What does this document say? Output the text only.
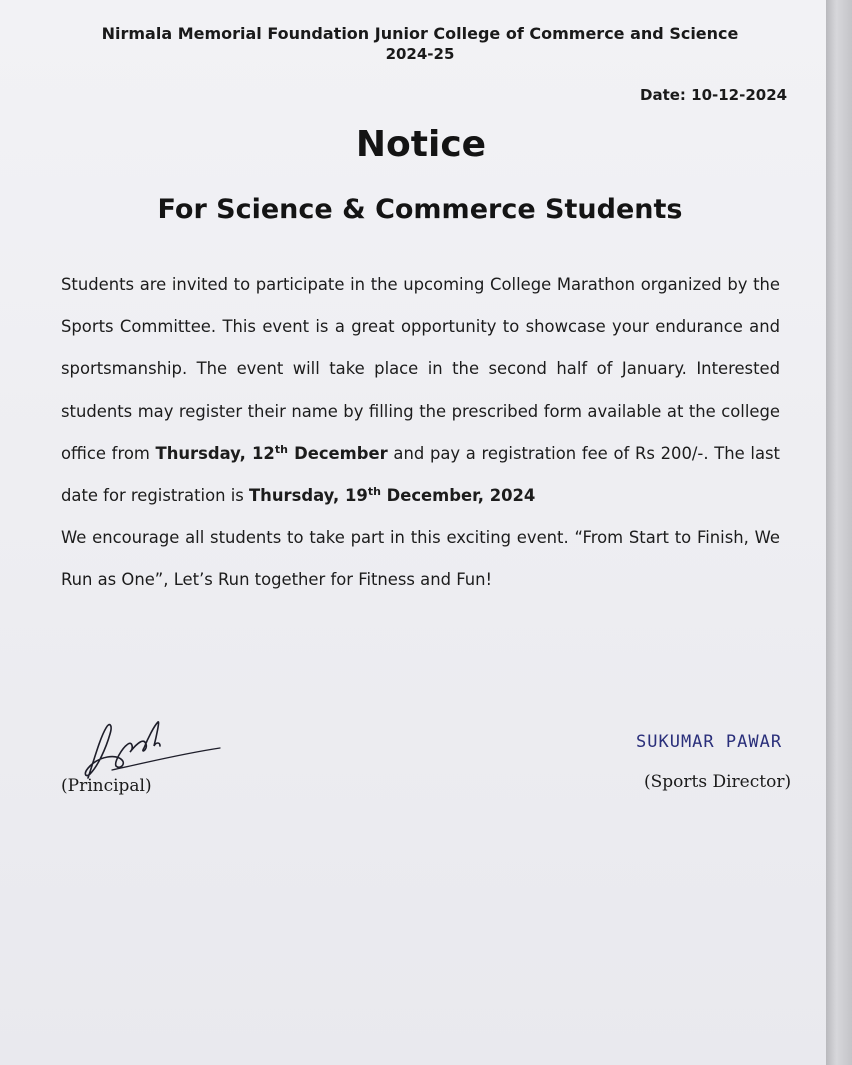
Nirmala Memorial Foundation Junior College of Commerce and Science
2024-25
Date: 10-12-2024
Notice
For Science & Commerce Students

Students are invited to participate in the upcoming College Marathon organized by the Sports Committee. This event is a great opportunity to showcase your endurance and sportsmanship. The event will take place in the second half of January. Interested students may register their name by filling the prescribed form available at the college office from Thursday, 12th December and pay a registration fee of Rs 200/-. The last date for registration is Thursday, 19th December, 2024

We encourage all students to take part in this exciting event. “From Start to Finish, We Run as One”, Let’s Run together for Fitness and Fun!

(Principal)
SUKUMAR PAWAR
(Sports Director)
